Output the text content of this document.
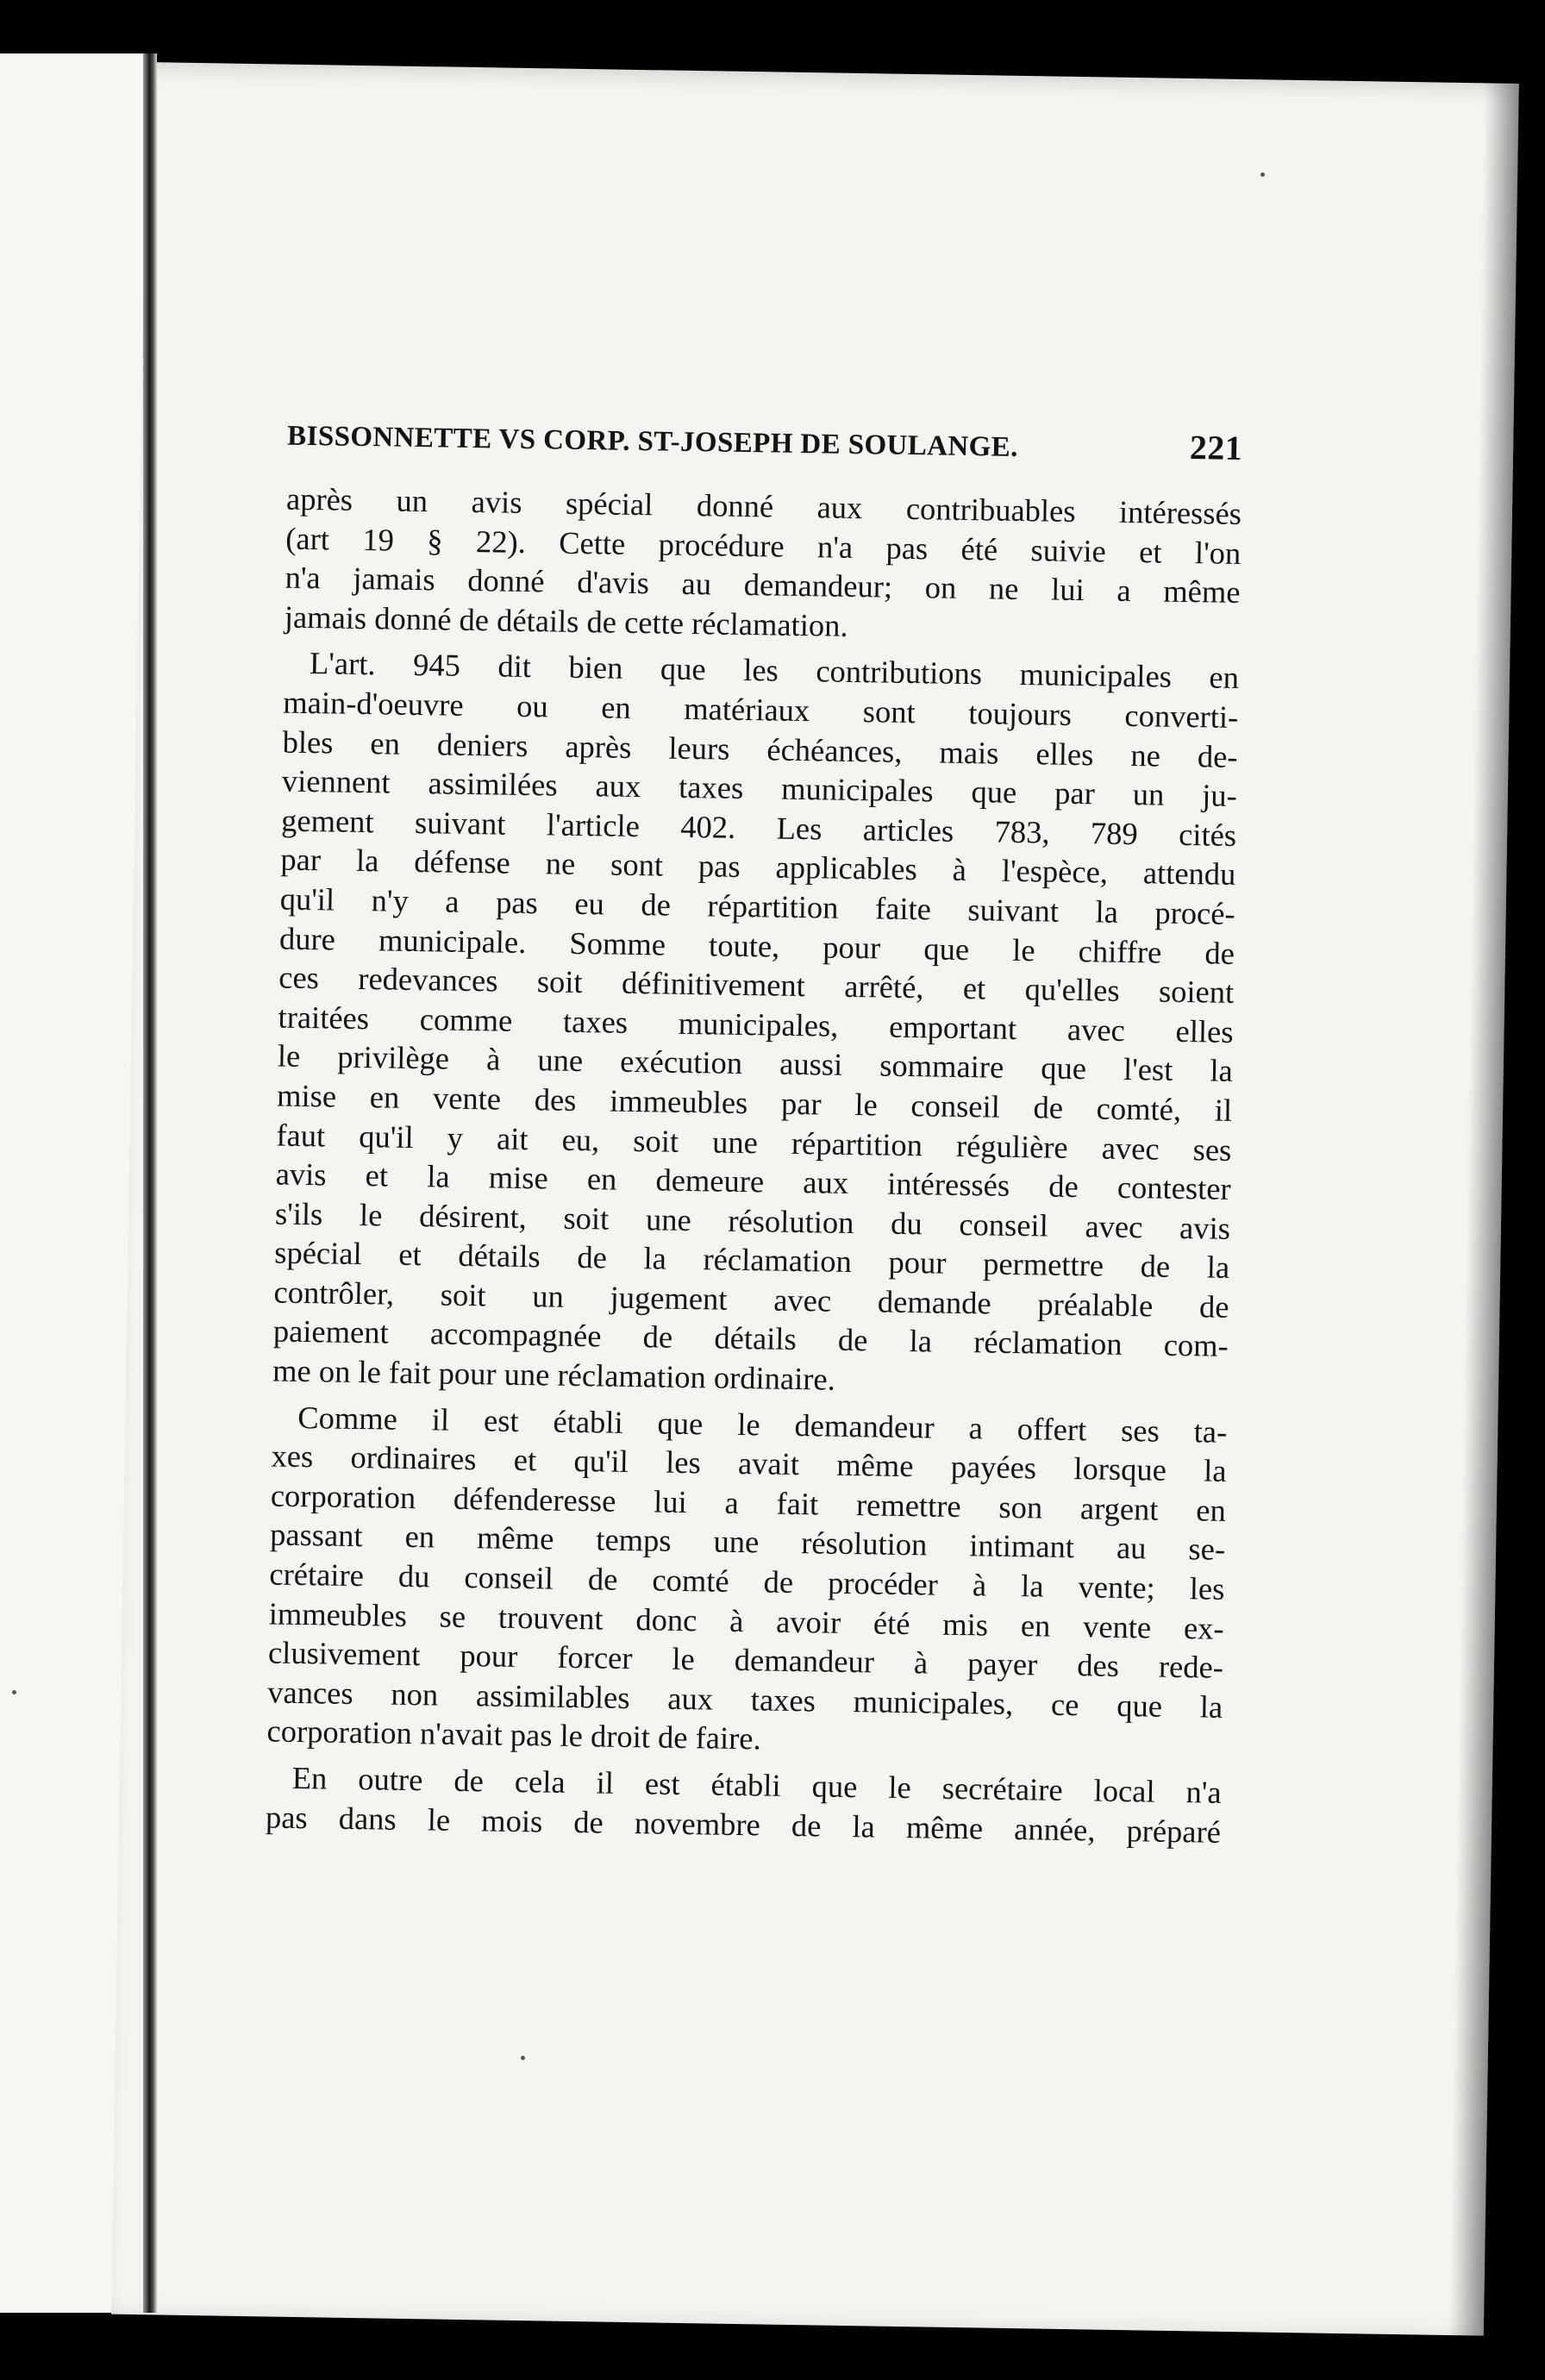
BISSONNETTE VS CORP. ST-JOSEPH DE SOULANGE.	221
après un avis spécial donné aux contribuables intéressés
(art 19 § 22). Cette procédure n'a pas été suivie et l'on
n'a jamais donné d'avis au demandeur; on ne lui a même
jamais donné de détails de cette réclamation.
L'art. 945 dit bien que les contributions municipales en
main-d'oeuvre ou en matériaux sont toujours converti-
bles en deniers après leurs échéances, mais elles ne de-
viennent assimilées aux taxes municipales que par un ju-
gement suivant l'article 402. Les articles 783, 789 cités
par la défense ne sont pas applicables à l'espèce, attendu
qu'il n'y a pas eu de répartition faite suivant la procé-
dure municipale. Somme toute, pour que le chiffre de
ces redevances soit définitivement arrêté, et qu'elles soient
traitées comme taxes municipales, emportant avec elles
le privilège à une exécution aussi sommaire que l'est la
mise en vente des immeubles par le conseil de comté, il
faut qu'il y ait eu, soit une répartition régulière avec ses
avis et la mise en demeure aux intéressés de contester
s'ils le désirent, soit une résolution du conseil avec avis
spécial et détails de la réclamation pour permettre de la
contrôler, soit un jugement avec demande préalable de
paiement accompagnée de détails de la réclamation com-
me on le fait pour une réclamation ordinaire.
Comme il est établi que le demandeur a offert ses ta-
xes ordinaires et qu'il les avait même payées lorsque la
corporation défenderesse lui a fait remettre son argent en
passant en même temps une résolution intimant au se-
crétaire du conseil de comté de procéder à la vente; les
immeubles se trouvent donc à avoir été mis en vente ex-
clusivement pour forcer le demandeur à payer des rede-
vances non assimilables aux taxes municipales, ce que la
corporation n'avait pas le droit de faire.
En outre de cela il est établi que le secrétaire local n'a
pas dans le mois de novembre de la même année, préparé
